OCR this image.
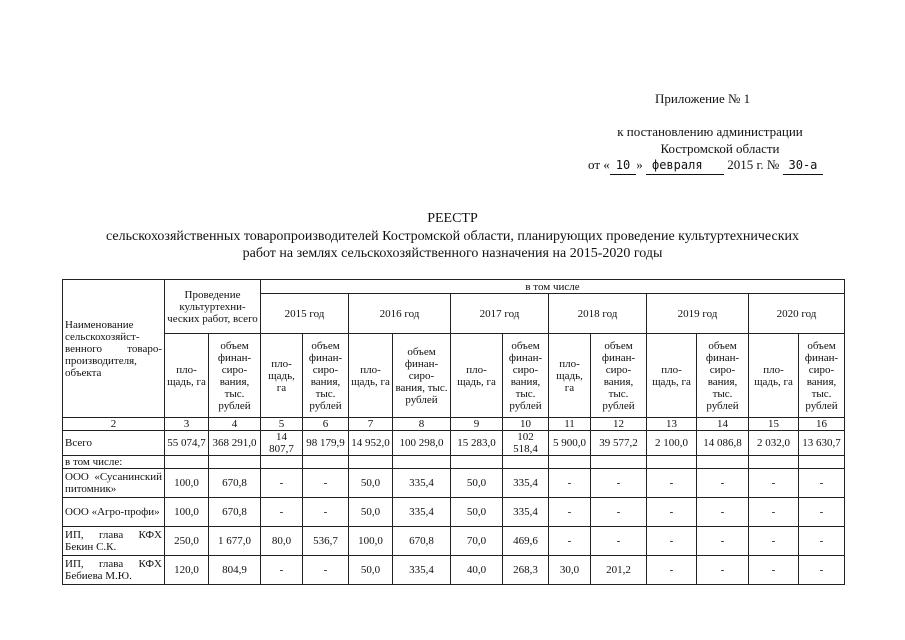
Приложение № 1
к постановлению администрации
Костромской области
от « 10 » февраля 2015 г. № 30-а
РЕЕСТР
сельскохозяйственных товаропроизводителей Костромской области, планирующих проведение культуртехнических
работ на землях сельскохозяйственного назначения на 2015-2020 годы
Наименование сельскохозяйст-венного товаро-производителя, объекта	Проведение культуртехни-ческих работ, всего		в том числе											
			2015 год		2016 год		2017 год		2018 год		2019 год		2020 год	
	пло-щадь, га	объем финан-сиро-вания, тыс. рублей	пло-щадь, га	объем финан-сиро-вания, тыс. рублей	пло-щадь, га	объем финан-сиро-вания, тыс. рублей	пло-щадь, га	объем финан-сиро-вания, тыс. рублей	пло-щадь, га	объем финан-сиро-вания, тыс. рублей	пло-щадь, га	объем финан-сиро-вания, тыс. рублей	пло-щадь, га	объем финан-сиро-вания, тыс. рублей
2	3	4	5	6	7	8	9	10	11	12	13	14	15	16
Всего	55 074,7	368 291,0	14 807,7	98 179,9	14 952,0	100 298,0	15 283,0	102 518,4	5 900,0	39 577,2	2 100,0	14 086,8	2 032,0	13 630,7
в том числе:														
ООО «Сусанинский питомник»	100,0	670,8	-	-	50,0	335,4	50,0	335,4	-	-	-	-	-	-
ООО «Агро-профи»	100,0	670,8	-	-	50,0	335,4	50,0	335,4	-	-	-	-	-	-
ИП, глава КФХ Бекин С.К.	250,0	1 677,0	80,0	536,7	100,0	670,8	70,0	469,6	-	-	-	-	-	-
ИП, глава КФХ Бебиева М.Ю.	120,0	804,9	-	-	50,0	335,4	40,0	268,3	30,0	201,2	-	-	-	-
